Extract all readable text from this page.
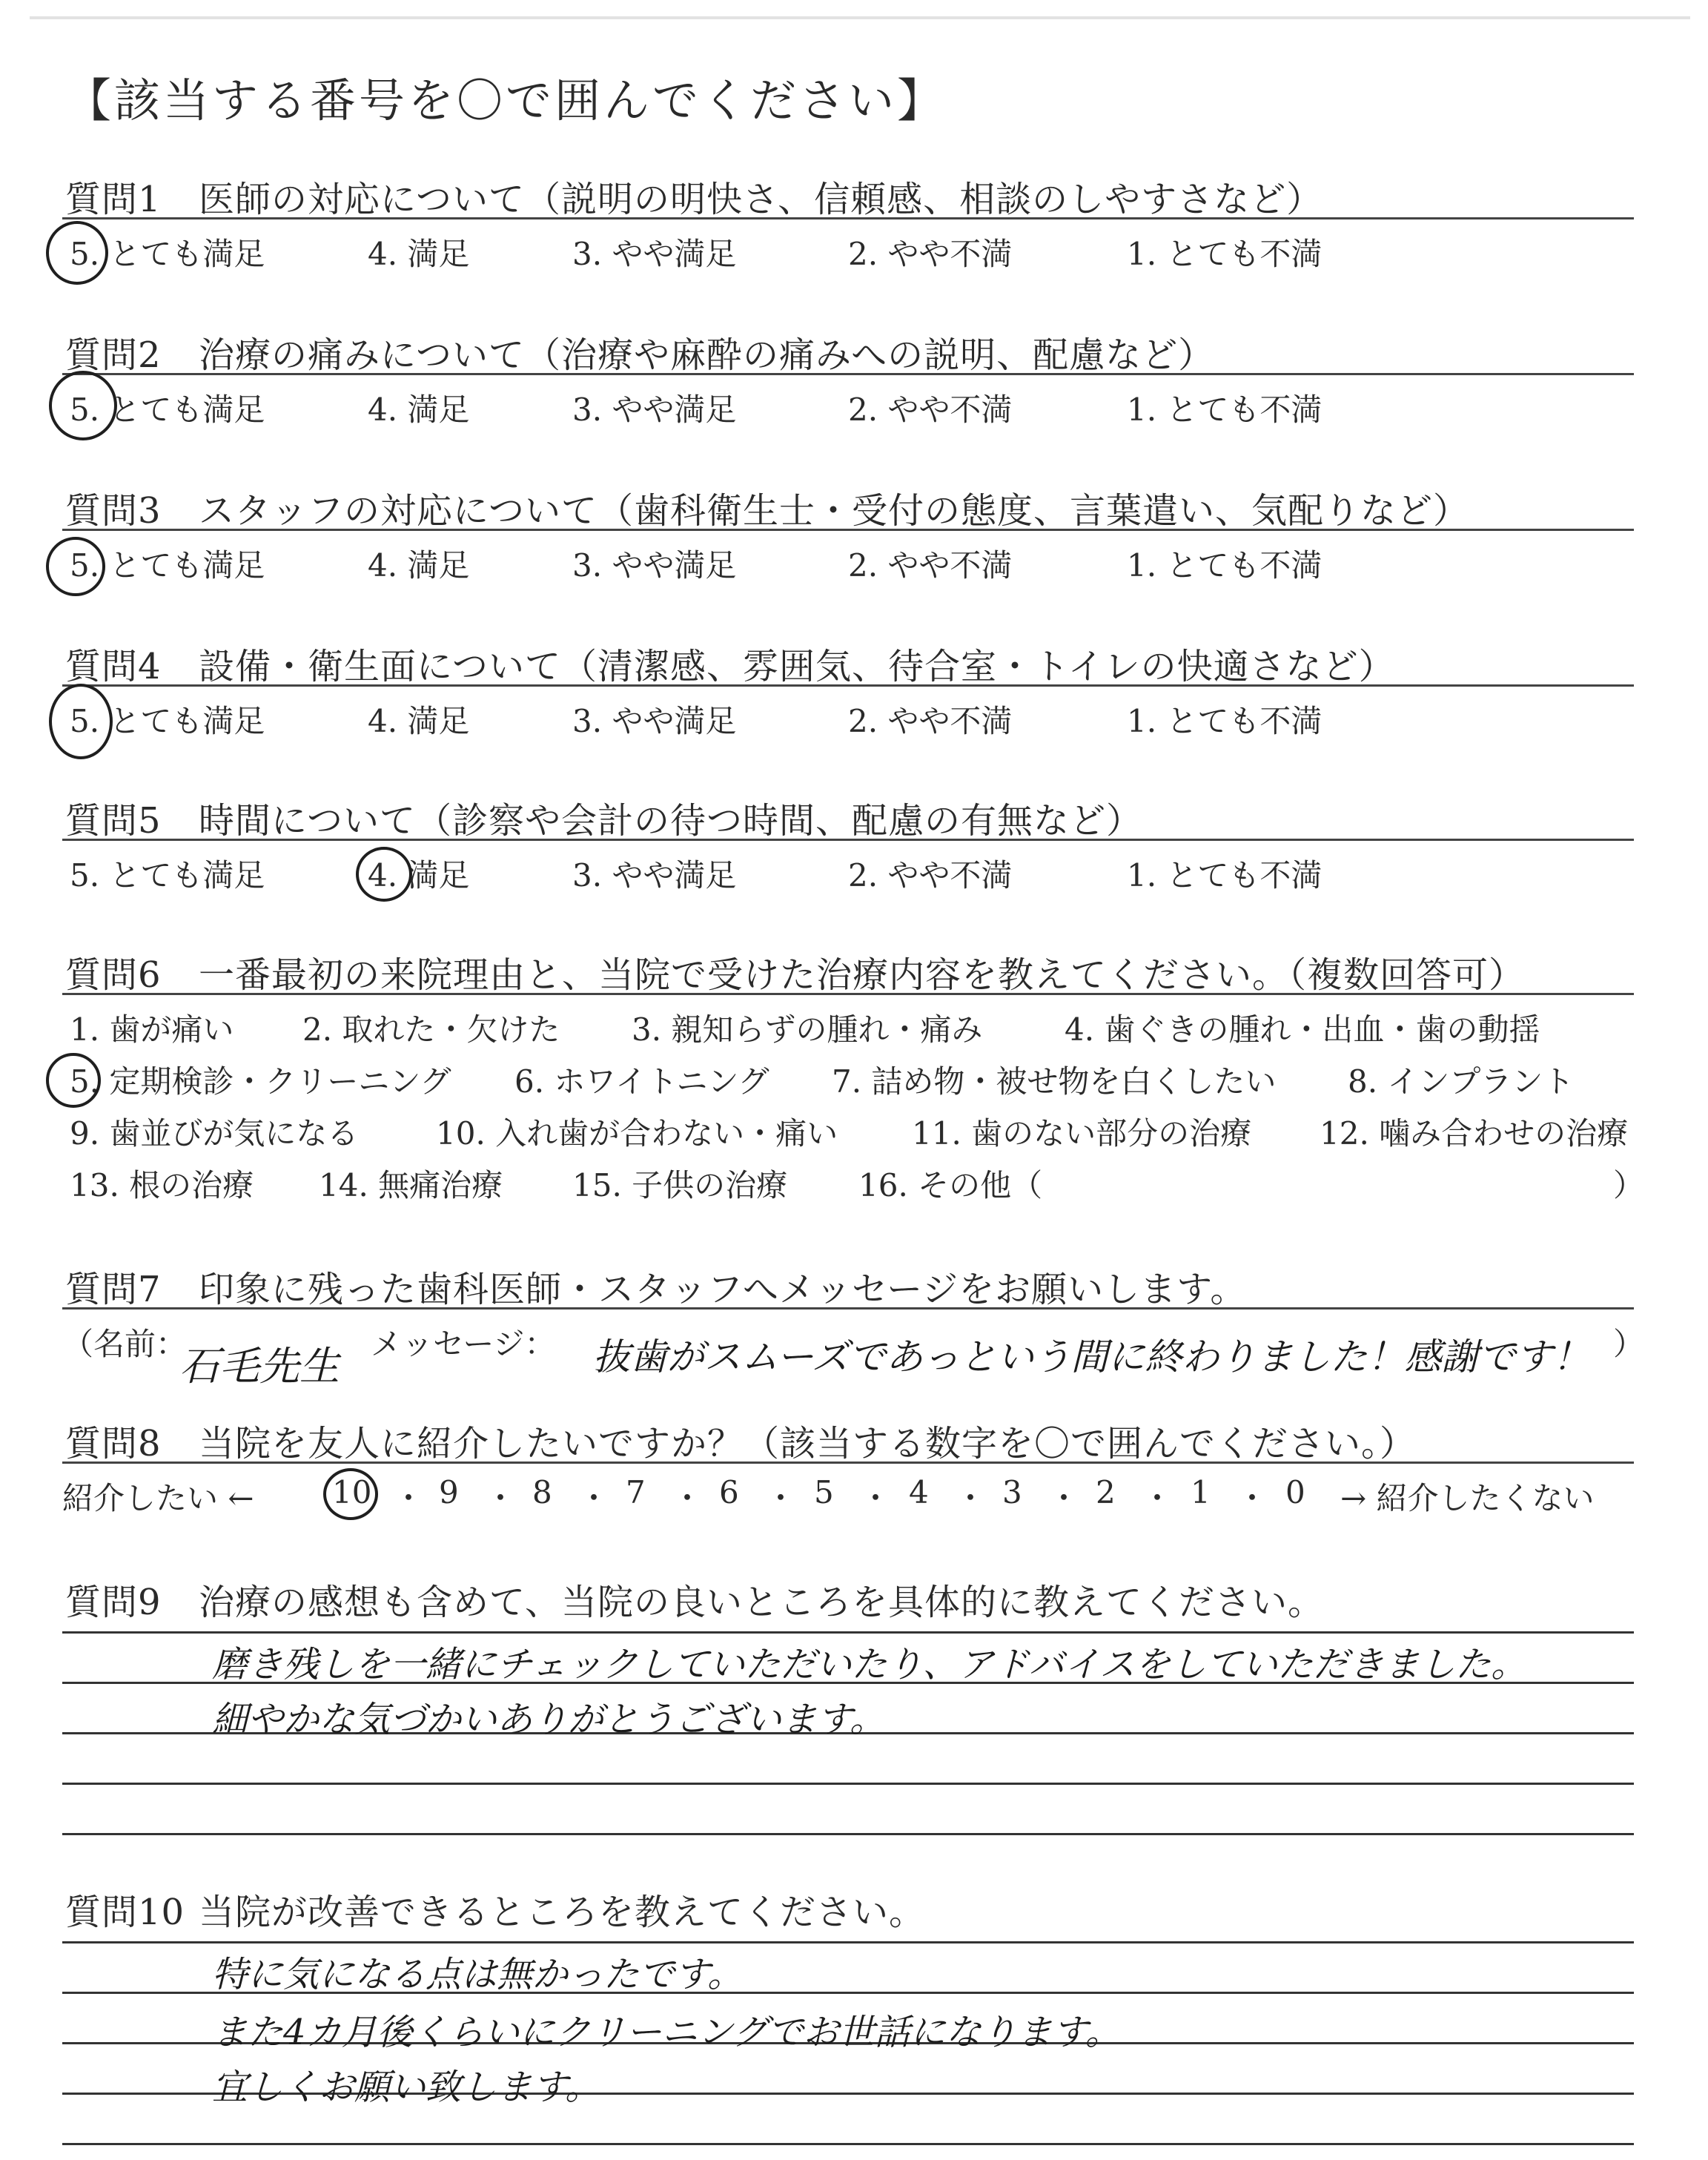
【該当する番号を〇で囲んでください】
質問1 医師の対応について（説明の明快さ、信頼感、相談のしやすさなど）
5. とても満足	4. 満足	3. やや満足	2. やや不満	1. とても不満
質問2 治療の痛みについて（治療や麻酔の痛みへの説明、配慮など）
5. とても満足	4. 満足	3. やや満足	2. やや不満	1. とても不満
質問3 スタッフの対応について（歯科衛生士・受付の態度、言葉遣い、気配りなど）
5. とても満足	4. 満足	3. やや満足	2. やや不満	1. とても不満
質問4 設備・衛生面について（清潔感、雰囲気、待合室・トイレの快適さなど）
5. とても満足	4. 満足	3. やや満足	2. やや不満	1. とても不満
質問5 時間について（診察や会計の待つ時間、配慮の有無など）
5. とても満足	4. 満足	3. やや満足	2. やや不満	1. とても不満
質問6 一番最初の来院理由と、当院で受けた治療内容を教えてください。（複数回答可）
1. 歯が痛い 2. 取れた・欠けた 3. 親知らずの腫れ・痛み	4. 歯ぐきの腫れ・出血・歯の動揺
5. 定期検診・クリーニング 6. ホワイトニング 7. 詰め物・被せ物を白くしたい 8. インプラント
9. 歯並びが気になる 10. 入れ歯が合わない・痛い 11. 歯のない部分の治療 12. 噛み合わせの治療
13. 根の治療 14. 無痛治療 15. 子供の治療 16. その他（	）
質問7 印象に残った歯科医師・スタッフへメッセージをお願いします。
（名前：
石毛先生 メッセージ： 抜歯がスムーズであっという間に終わりました！感謝です！ ）
質問8 当院を友人に紹介したいですか？（該当する数字を〇で囲んでください。）
紹介したい ←	10 ・ 9 ・ 8 ・ 7 ・ 6 ・ 5 ・ 4 ・ 3 ・ 2 ・ 1 ・ 0 → 紹介したくない
質問9 治療の感想も含めて、当院の良いところを具体的に教えてください。
磨き残しを一緒にチェックしていただいたり、アドバイスをしていただきました。
細やかな気づかいありがとうございます。
質問10 当院が改善できるところを教えてください。
特に気になる点は無かったです。
また4カ月後くらいにクリーニングでお世話になります。
宜しくお願い致します。
